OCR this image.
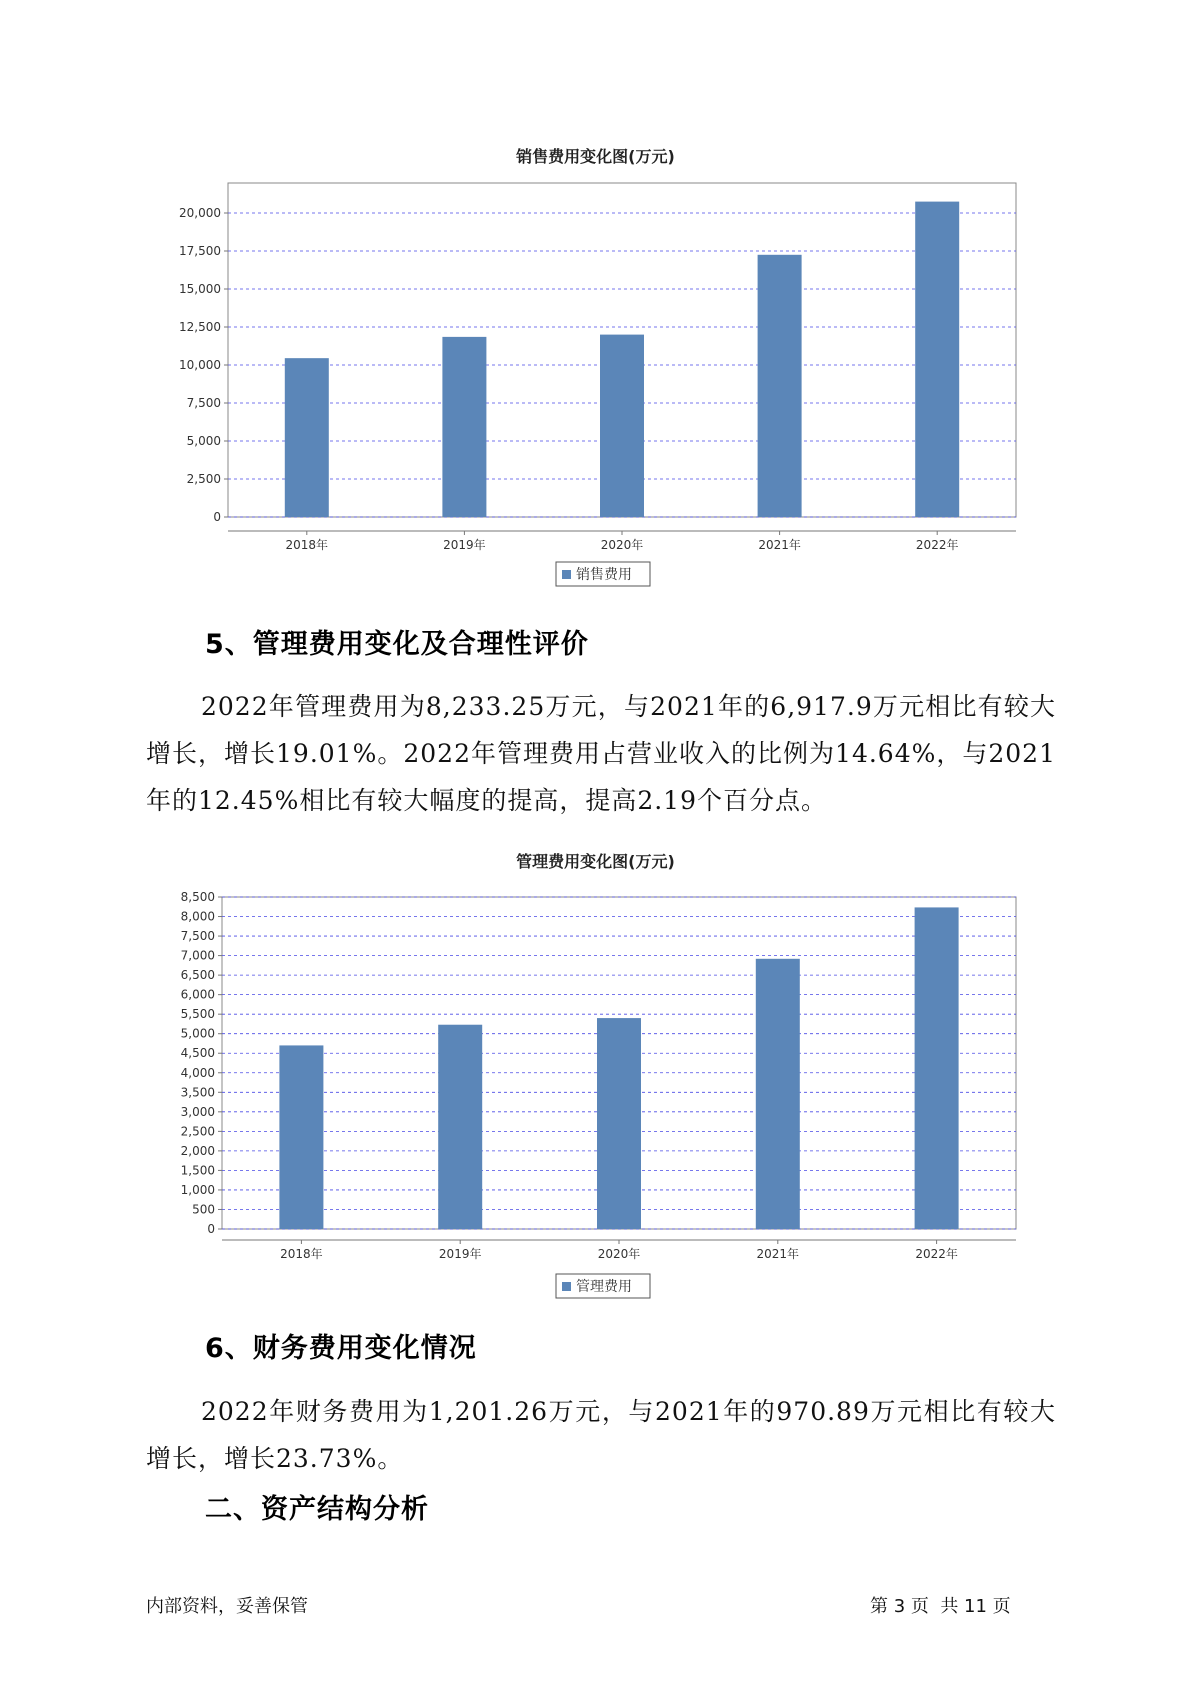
销售费用变化图(万元)
0
2,500
5,000
7,500
10,000
12,500
15,000
17,500
20,000
2018年	2019年	2020年	2021年	2022年
销售费用
5、管理费用变化及合理性评价

2022年管理费用为8,233.25万元，与2021年的6,917.9万元相比有较大增长，增长19.01%。2022年管理费用占营业收入的比例为14.64%，与2021年的12.45%相比有较大幅度的提高，提高2.19个百分点。

管理费用变化图(万元)
0
500
1,000
1,500
2,000
2,500
3,000
3,500
4,000
4,500
5,000
5,500
6,000
6,500
7,000
7,500
8,000
8,500
2018年	2019年	2020年	2021年	2022年
管理费用
6、财务费用变化情况

2022年财务费用为1,201.26万元，与2021年的970.89万元相比有较大增长，增长23.73%。

二、资产结构分析
内部资料，妥善保管	第 3 页  共 11 页
